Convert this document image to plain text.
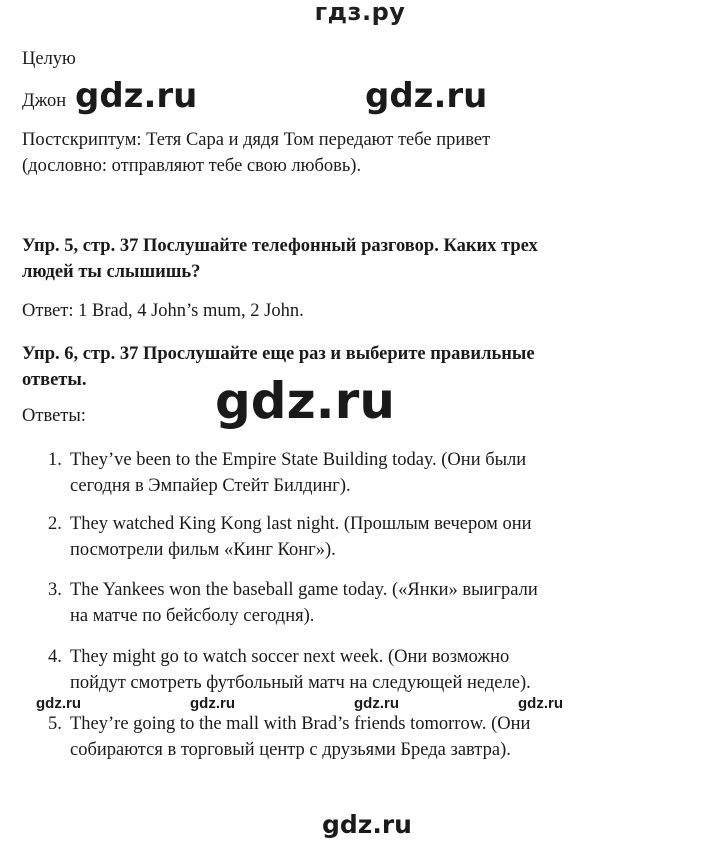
гдз.ру
Целую
Джон gdz.ru	gdz.ru
Постскриптум: Тетя Сара и дядя Том передают тебе привет
(дословно: отправляют тебе свою любовь).
Упр. 5, стр. 37 Послушайте телефонный разговор. Каких трех
людей ты слышишь?
Ответ: 1 Brad, 4 John’s mum, 2 John.
Упр. 6, стр. 37 Прослушайте еще раз и выберите правильные
ответы.	gdz.ru
Ответы:
1. They’ve been to the Empire State Building today. (Они были
сегодня в Эмпайер Стейт Билдинг).
2. They watched King Kong last night. (Прошлым вечером они
посмотрели фильм «Кинг Конг»).
3. The Yankees won the baseball game today. («Янки» выиграли
на матче по бейсболу сегодня).
4. They might go to watch soccer next week. (Они возможно
пойдут смотреть футбольный матч на следующей неделе).
gdz.ru	gdz.ru	gdz.ru	gdz.ru
5. They’re going to the mall with Brad’s friends tomorrow. (Они
собираются в торговый центр с друзьями Бреда завтра).
gdz.ru
